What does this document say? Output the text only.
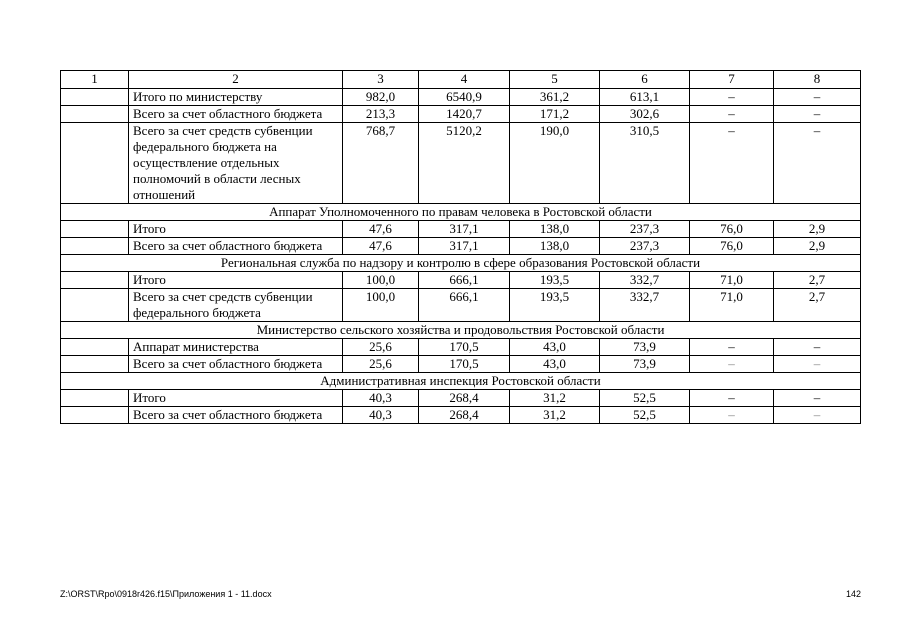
1	2	3	4	5	6	7	8
	Итого по министерству	982,0	6540,9	361,2	613,1	–	–
	Всего за счет областного бюджета	213,3	1420,7	171,2	302,6	–	–
	Всего за счет средств субвенции федерального бюджета на осуществление отдельных полномочий в области лесных отношений	768,7	5120,2	190,0	310,5	–	–
Аппарат Уполномоченного по правам человека в Ростовской области							
	Итого	47,6	317,1	138,0	237,3	76,0	2,9
	Всего за счет областного бюджета	47,6	317,1	138,0	237,3	76,0	2,9
Региональная служба по надзору и контролю в сфере образования Ростовской области							
	Итого	100,0	666,1	193,5	332,7	71,0	2,7
	Всего за счет средств субвенции федерального бюджета	100,0	666,1	193,5	332,7	71,0	2,7
Министерство сельского хозяйства и продовольствия Ростовской области							
	Аппарат министерства	25,6	170,5	43,0	73,9	–	–
	Всего за счет областного бюджета	25,6	170,5	43,0	73,9	–	–
Административная инспекция Ростовской области							
	Итого	40,3	268,4	31,2	52,5	–	–
	Всего за счет областного бюджета	40,3	268,4	31,2	52,5	–	–
Z:\ORST\Rpo\0918r426.f15\Приложения 1 - 11.docx	142
